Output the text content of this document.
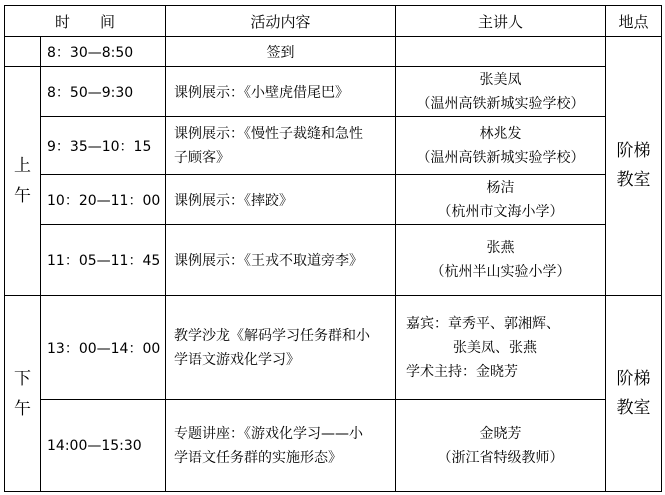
时　　间		活动内容	主讲人	地点
	8：30—8:50	签到		阶梯
教室
上
午	8：50—9:30	课例展示：《小壁虎借尾巴》	张美凤
（温州高铁新城实验学校）	

	9：35—10：15	课例展示：《慢性子裁缝和急性
子顾客》	林兆发
（温州高铁新城实验学校）	

	10：20—11：00	课例展示：《摔跤》	杨洁
（杭州市文海小学）	

	11：05—11：45	课例展示：《王戎不取道旁李》	张燕
（杭州半山实验小学）	

下
午	13：00—14：00	教学沙龙《解码学习任务群和小
学语文游戏化学习》	嘉宾：章秀平、郭湘辉、
张美凤、张燕
学术主持：金晓芳	阶梯
教室
	14:00—15:30	专题讲座：《游戏化学习——小
学语文任务群的实施形态》	金晓芳
（浙江省特级教师）	
